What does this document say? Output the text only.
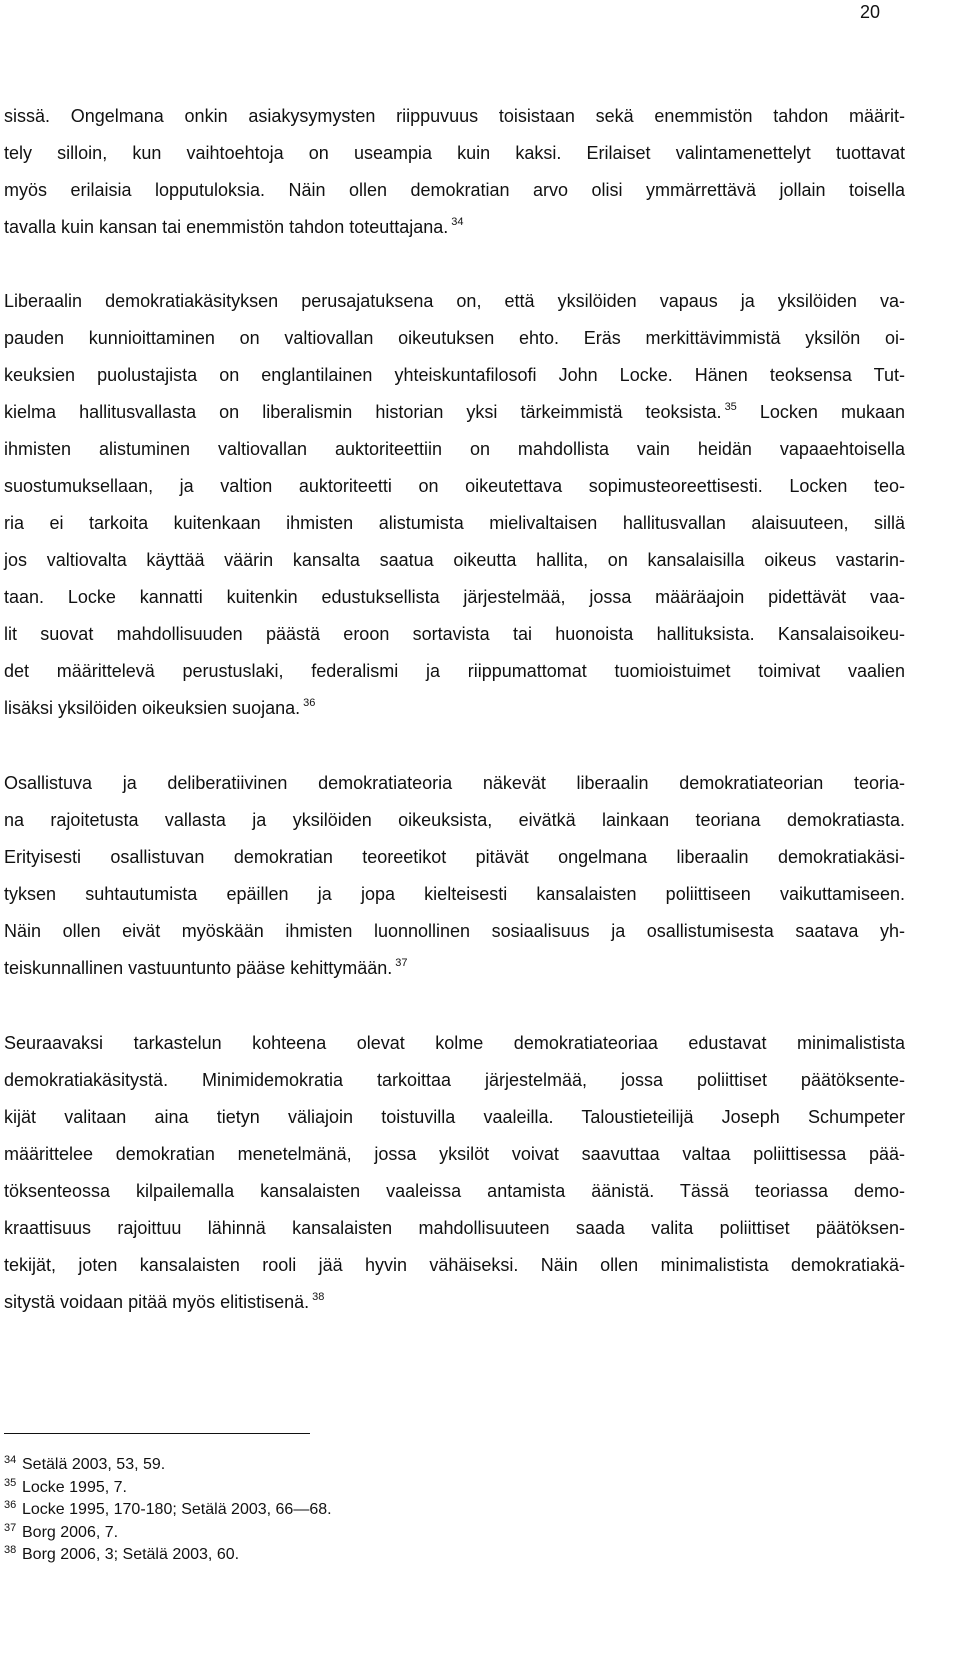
20
sissä. Ongelmana onkin asiakysymysten riippuvuus toisistaan sekä enemmistön tahdon määrit-
tely silloin, kun vaihtoehtoja on useampia kuin kaksi. Erilaiset valintamenettelyt tuottavat
myös erilaisia lopputuloksia. Näin ollen demokratian arvo olisi ymmärrettävä jollain toisella
tavalla kuin kansan tai enemmistön tahdon toteuttajana. $^{34}$
Liberaalin demokratiakäsityksen perusajatuksena on, että yksilöiden vapaus ja yksilöiden va-
pauden kunnioittaminen on valtiovallan oikeutuksen ehto. Eräs merkittävimmistä yksilön oi-
keuksien puolustajista on englantilainen yhteiskuntafilosofi John Locke. Hänen teoksensa Tut-
kielma hallitusvallasta on liberalismin historian yksi tärkeimmistä teoksista. $^{35}$ Locken mukaan
ihmisten alistuminen valtiovallan auktoriteettiin on mahdollista vain heidän vapaaehtoisella
suostumuksellaan, ja valtion auktoriteetti on oikeutettava sopimusteoreettisesti. Locken teo-
ria ei tarkoita kuitenkaan ihmisten alistumista mielivaltaisen hallitusvallan alaisuuteen, sillä
jos valtiovalta käyttää väärin kansalta saatua oikeutta hallita, on kansalaisilla oikeus vastarin-
taan. Locke kannatti kuitenkin edustuksellista järjestelmää, jossa määräajoin pidettävät vaa-
lit suovat mahdollisuuden päästä eroon sortavista tai huonoista hallituksista. Kansalaisoikeu-
det määrittelevä perustuslaki, federalismi ja riippumattomat tuomioistuimet toimivat vaalien
lisäksi yksilöiden oikeuksien suojana. $^{36}$
Osallistuva ja deliberatiivinen demokratiateoria näkevät liberaalin demokratiateorian teoria-
na rajoitetusta vallasta ja yksilöiden oikeuksista, eivätkä lainkaan teoriana demokratiasta.
Erityisesti osallistuvan demokratian teoreetikot pitävät ongelmana liberaalin demokratiakäsi-
tyksen suhtautumista epäillen ja jopa kielteisesti kansalaisten poliittiseen vaikuttamiseen.
Näin ollen eivät myöskään ihmisten luonnollinen sosiaalisuus ja osallistumisesta saatava yh-
teiskunnallinen vastuuntunto pääse kehittymään. $^{37}$
Seuraavaksi tarkastelun kohteena olevat kolme demokratiateoriaa edustavat minimalistista
demokratiakäsitystä. Minimidemokratia tarkoittaa järjestelmää, jossa poliittiset päätöksente-
kijät valitaan aina tietyn väliajoin toistuvilla vaaleilla. Taloustieteilijä Joseph Schumpeter
määrittelee demokratian menetelmänä, jossa yksilöt voivat saavuttaa valtaa poliittisessa pää-
töksenteossa kilpailemalla kansalaisten vaaleissa antamista äänistä. Tässä teoriassa demo-
kraattisuus rajoittuu lähinnä kansalaisten mahdollisuuteen saada valita poliittiset päätöksen-
tekijät, joten kansalaisten rooli jää hyvin vähäiseksi. Näin ollen minimalistista demokratiakä-
sitystä voidaan pitää myös elitistisenä. $^{38}$
34 Setälä 2003, 53, 59.
35 Locke 1995, 7.
36 Locke 1995, 170-180; Setälä 2003, 66—68.
37 Borg 2006, 7.
38 Borg 2006, 3; Setälä 2003, 60.
